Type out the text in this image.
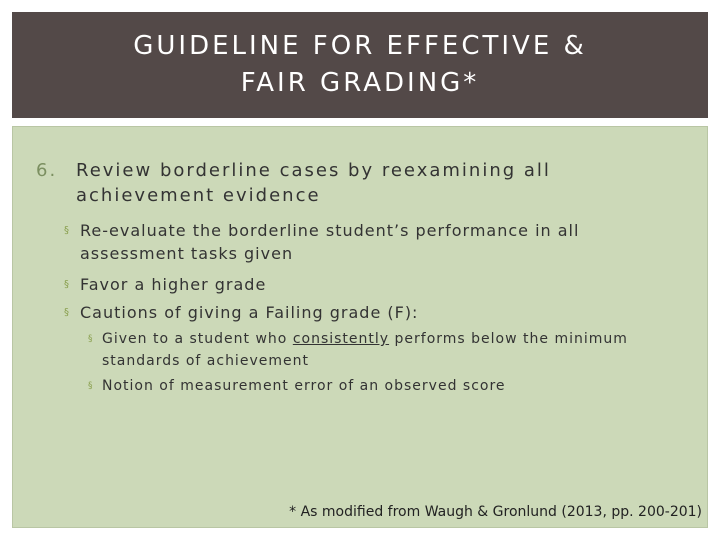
GUIDELINE FOR EFFECTIVE &
FAIR GRADING*
6.	Review borderline cases by reexamining all achievement evidence
§ Re-evaluate the borderline student’s performance in all assessment tasks given
§ Favor a higher grade
§ Cautions of giving a Failing grade (F):
§ Given to a student who consistently performs below the minimum standards of achievement
§ Notion of measurement error of an observed score
* As modified from Waugh & Gronlund (2013, pp. 200-201)
